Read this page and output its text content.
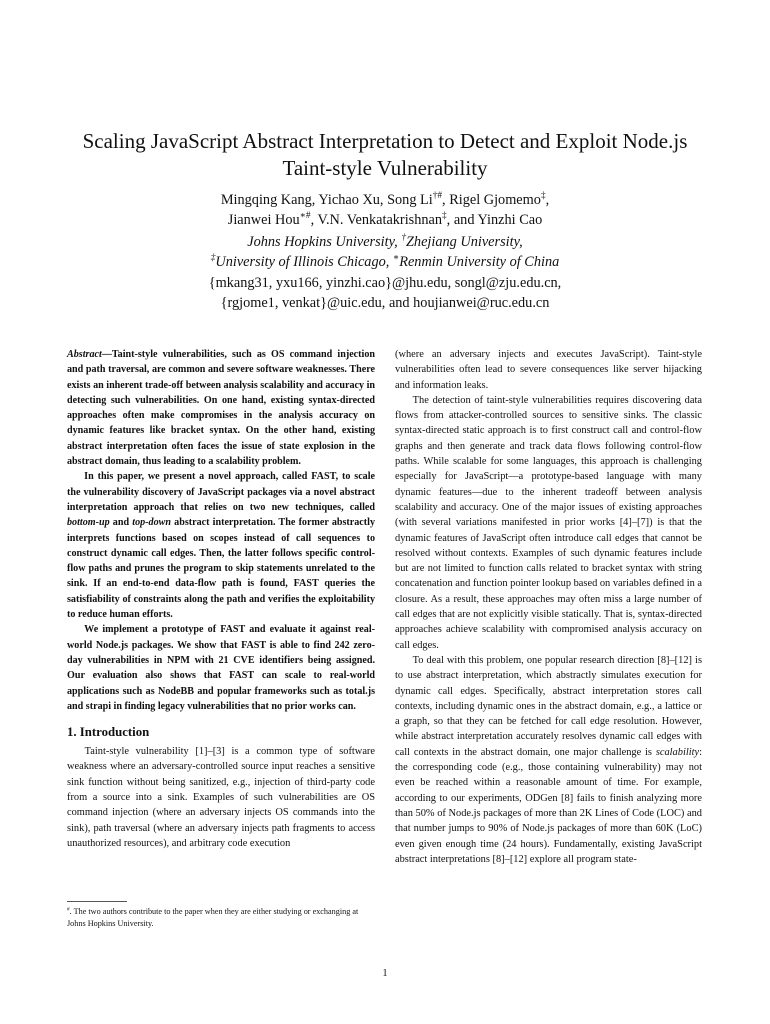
Scaling JavaScript Abstract Interpretation to Detect and Exploit Node.js
Taint-style Vulnerability
Mingqing Kang, Yichao Xu, Song Li†#, Rigel Gjomemo‡,
Jianwei Hou∗#, V.N. Venkatakrishnan‡, and Yinzhi Cao
Johns Hopkins University, †Zhejiang University,
‡University of Illinois Chicago, ∗Renmin University of China
{mkang31, yxu166, yinzhi.cao}@jhu.edu, songl@zju.edu.cn,
{rgjome1, venkat}@uic.edu, and houjianwei@ruc.edu.cn

Abstract—Taint-style vulnerabilities, such as OS command injection and path traversal, are common and severe software weaknesses. There exists an inherent trade-off between analysis scalability and accuracy in detecting such vulnerabilities. On one hand, existing syntax-directed approaches often make compromises in the analysis accuracy on dynamic features like bracket syntax. On the other hand, existing abstract interpretation often faces the issue of state explosion in the abstract domain, thus leading to a scalability problem.

In this paper, we present a novel approach, called FAST, to scale the vulnerability discovery of JavaScript packages via a novel abstract interpretation approach that relies on two new techniques, called bottom-up and top-down abstract interpretation. The former abstractly interprets functions based on scopes instead of call sequences to construct dynamic call edges. Then, the latter follows specific control-flow paths and prunes the program to skip statements unrelated to the sink. If an end-to-end data-flow path is found, FAST queries the satisfiability of constraints along the path and verifies the exploitability to reduce human efforts.

We implement a prototype of FAST and evaluate it against real-world Node.js packages. We show that FAST is able to find 242 zero-day vulnerabilities in NPM with 21 CVE identifiers being assigned. Our evaluation also shows that FAST can scale to real-world applications such as NodeBB and popular frameworks such as total.js and strapi in finding legacy vulnerabilities that no prior works can.

1. Introduction

Taint-style vulnerability [1]–[3] is a common type of software weakness where an adversary-controlled source input reaches a sensitive sink function without being sanitized, e.g., injection of third-party code from a source into a sink. Examples of such vulnerabilities are OS command injection (where an adversary injects OS commands into the sink), path traversal (where an adversary injects path fragments to access unauthorized resources), and arbitrary code execution

#. The two authors contribute to the paper when they are either studying or exchanging at Johns Hopkins University.

(where an adversary injects and executes JavaScript). Taint-style vulnerabilities often lead to severe consequences like server hijacking and information leaks.

The detection of taint-style vulnerabilities requires discovering data flows from attacker-controlled sources to sensitive sinks. The classic syntax-directed static approach is to first construct call and control-flow graphs and then generate and track data flows following control-flow paths. While scalable for some languages, this approach is challenging especially for JavaScript—a prototype-based language with many dynamic features—due to the inherent tradeoff between analysis scalability and accuracy. One of the major issues of existing approaches (with several variations manifested in prior works [4]–[7]) is that the dynamic features of JavaScript often introduce call edges that cannot be resolved without contexts. Examples of such dynamic features include but are not limited to function calls related to bracket syntax with string concatenation and function pointer lookup based on variables defined in a closure. As a result, these approaches may often miss a large number of call edges that are not explicitly visible statically. That is, syntax-directed approaches achieve scalability with compromised analysis accuracy on call edges.

To deal with this problem, one popular research direction [8]–[12] is to use abstract interpretation, which abstractly simulates execution for dynamic call edges. Specifically, abstract interpretation stores call contexts, including dynamic ones in the abstract domain, e.g., a lattice or a graph, so that they can be fetched for call edge resolution. However, while abstract interpretation accurately resolves dynamic call edges with call contexts in the abstract domain, one major challenge is scalability: the corresponding code (e.g., those containing vulnerability) may not even be reached within a reasonable amount of time. For example, according to our experiments, ODGen [8] fails to finish analyzing more than 50% of Node.js packages of more than 2K Lines of Code (LOC) and that number jumps to 90% of Node.js packages of more than 60K (LoC) even given enough time (24 hours). Fundamentally, existing JavaScript abstract interpretations [8]–[12] explore all program state-

1
